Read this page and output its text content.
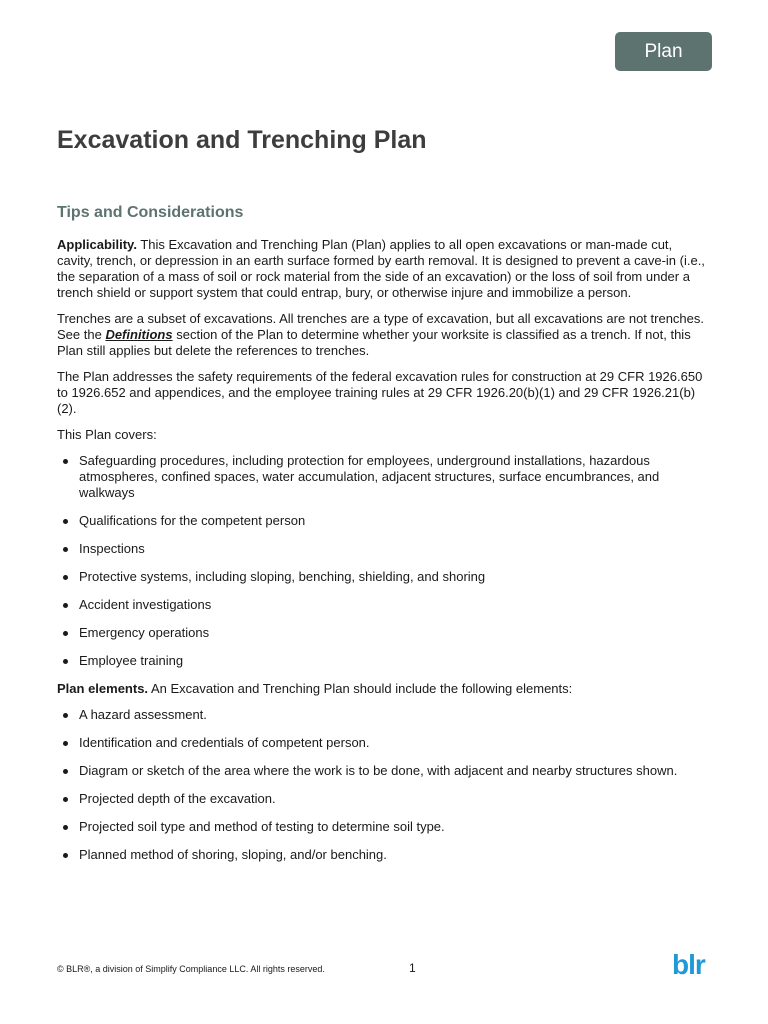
Plan
Excavation and Trenching Plan
Tips and Considerations

Applicability. This Excavation and Trenching Plan (Plan) applies to all open excavations or man-made cut, cavity, trench, or depression in an earth surface formed by earth removal. It is designed to prevent a cave-in (i.e., the separation of a mass of soil or rock material from the side of an excavation) or the loss of soil from under a trench shield or support system that could entrap, bury, or otherwise injure and immobilize a person.

Trenches are a subset of excavations. All trenches are a type of excavation, but all excavations are not trenches. See the Definitions section of the Plan to determine whether your worksite is classified as a trench. If not, this Plan still applies but delete the references to trenches.

The Plan addresses the safety requirements of the federal excavation rules for construction at 29 CFR 1926.650 to 1926.652 and appendices, and the employee training rules at 29 CFR 1926.20(b)(1) and 29 CFR 1926.21(b)(2).

This Plan covers:

Safeguarding procedures, including protection for employees, underground installations, hazardous atmospheres, confined spaces, water accumulation, adjacent structures, surface encumbrances, and walkways
Qualifications for the competent person
Inspections
Protective systems, including sloping, benching, shielding, and shoring
Accident investigations
Emergency operations
Employee training

Plan elements. An Excavation and Trenching Plan should include the following elements:

A hazard assessment.
Identification and credentials of competent person.
Diagram or sketch of the area where the work is to be done, with adjacent and nearby structures shown.
Projected depth of the excavation.
Projected soil type and method of testing to determine soil type.
Planned method of shoring, sloping, and/or benching.
© BLR®, a division of Simplify Compliance LLC. All rights reserved.	1	blr
